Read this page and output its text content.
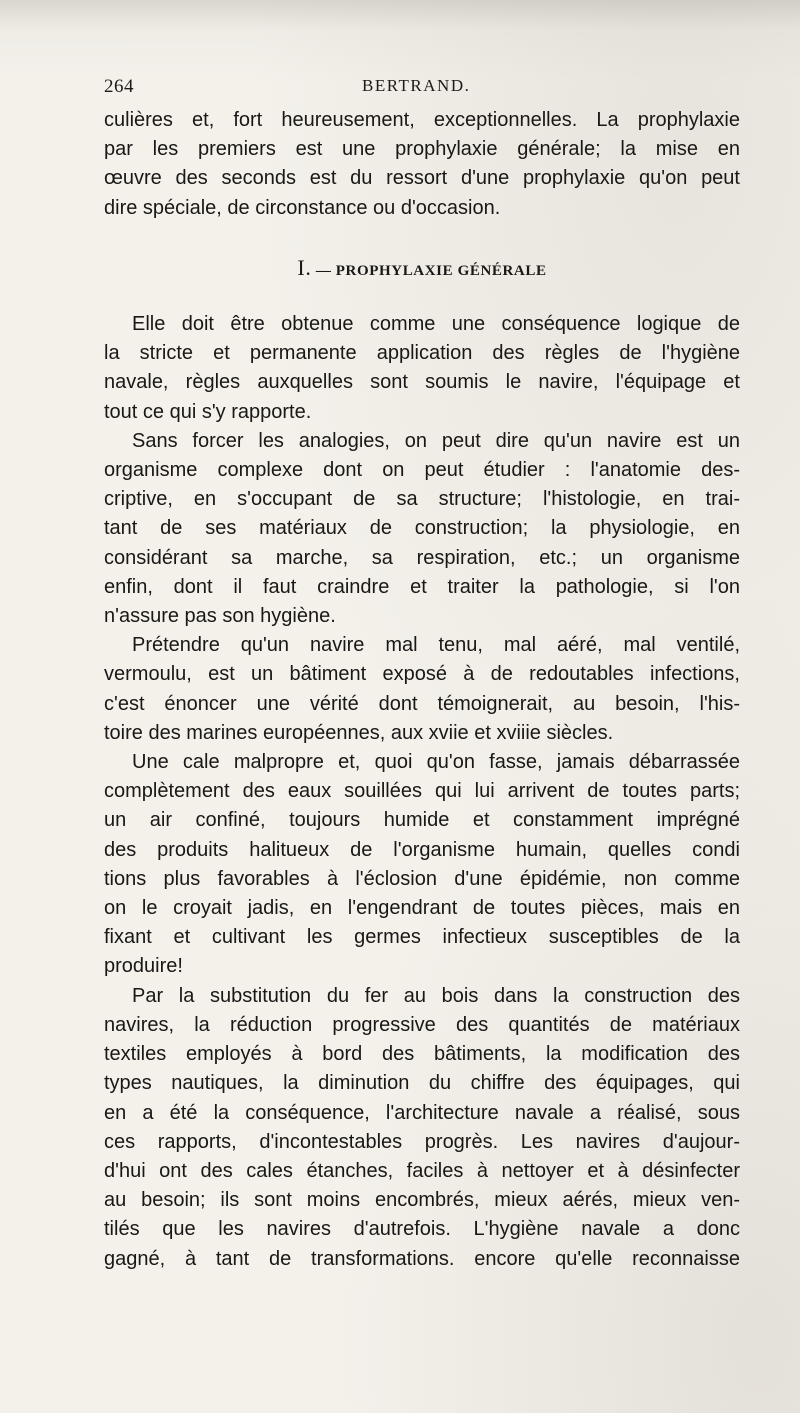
264	BERTRAND.
culières et, fort heureusement, exceptionnelles. La prophylaxie
par les premiers est une prophylaxie générale; la mise en
œuvre des seconds est du ressort d'une prophylaxie qu'on peut
dire spéciale, de circonstance ou d'occasion.
I. — PROPHYLAXIE GÉNÉRALE
Elle doit être obtenue comme une conséquence logique de
la stricte et permanente application des règles de l'hygiène
navale, règles auxquelles sont soumis le navire, l'équipage et
tout ce qui s'y rapporte.
Sans forcer les analogies, on peut dire qu'un navire est un
organisme complexe dont on peut étudier : l'anatomie des-
criptive, en s'occupant de sa structure; l'histologie, en trai-
tant de ses matériaux de construction; la physiologie, en
considérant sa marche, sa respiration, etc.; un organisme
enfin, dont il faut craindre et traiter la pathologie, si l'on
n'assure pas son hygiène.
Prétendre qu'un navire mal tenu, mal aéré, mal ventilé,
vermoulu, est un bâtiment exposé à de redoutables infections,
c'est énoncer une vérité dont témoignerait, au besoin, l'his-
toire des marines européennes, aux xviie et xviiie siècles.
Une cale malpropre et, quoi qu'on fasse, jamais débarrassée
complètement des eaux souillées qui lui arrivent de toutes parts;
un air confiné, toujours humide et constamment imprégné
des produits halitueux de l'organisme humain, quelles condi
tions plus favorables à l'éclosion d'une épidémie, non comme
on le croyait jadis, en l'engendrant de toutes pièces, mais en
fixant et cultivant les germes infectieux susceptibles de la
produire!
Par la substitution du fer au bois dans la construction des
navires, la réduction progressive des quantités de matériaux
textiles employés à bord des bâtiments, la modification des
types nautiques, la diminution du chiffre des équipages, qui
en a été la conséquence, l'architecture navale a réalisé, sous
ces rapports, d'incontestables progrès. Les navires d'aujour-
d'hui ont des cales étanches, faciles à nettoyer et à désinfecter
au besoin; ils sont moins encombrés, mieux aérés, mieux ven-
tilés que les navires d'autrefois. L'hygiène navale a donc
gagné, à tant de transformations. encore qu'elle reconnaisse
